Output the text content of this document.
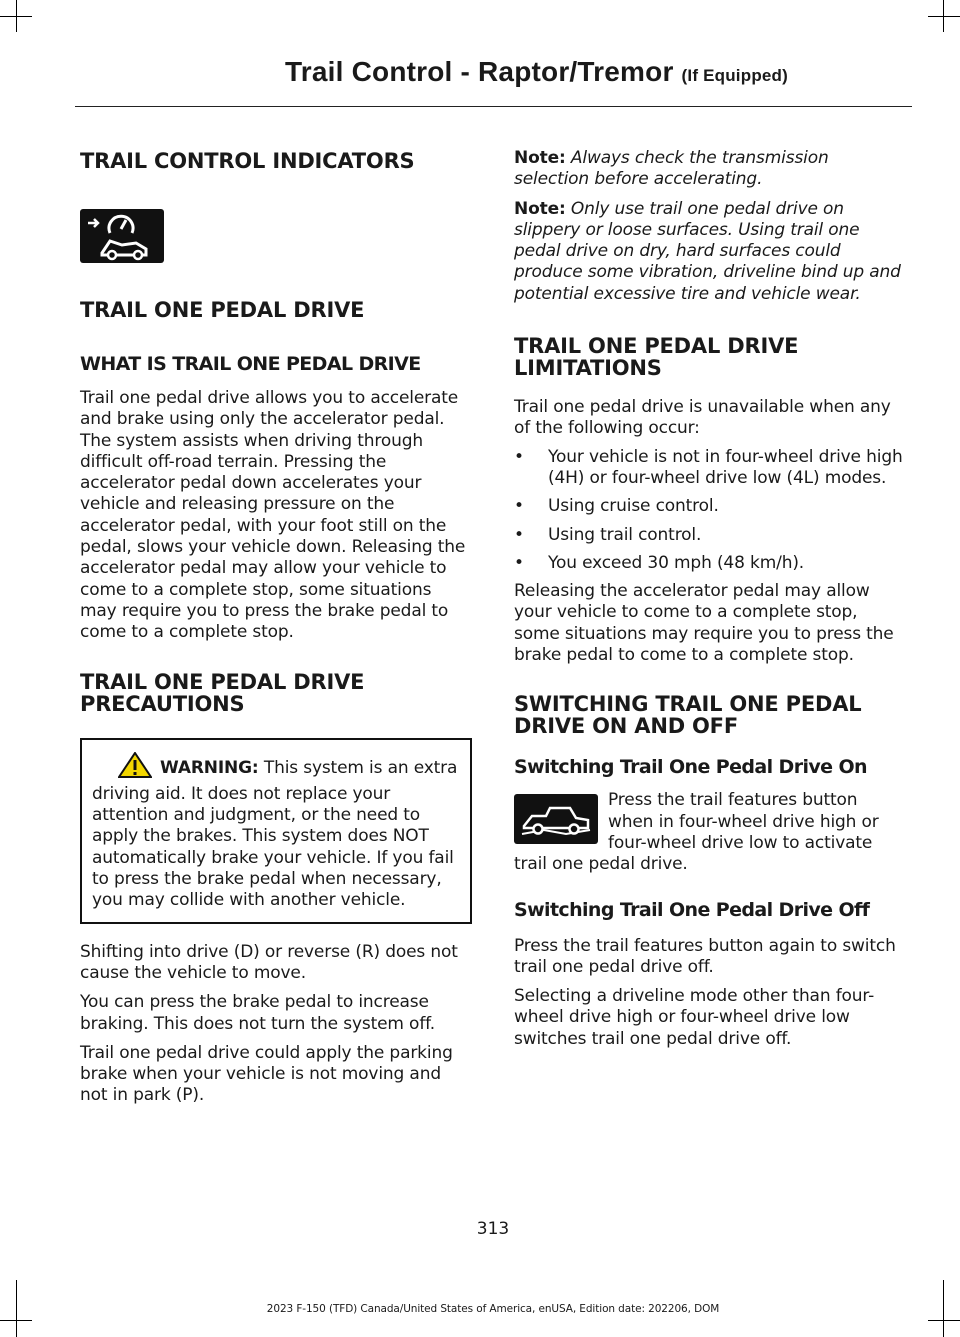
Trail Control - Raptor/Tremor (If Equipped)
TRAIL CONTROL INDICATORS
TRAIL ONE PEDAL DRIVE
WHAT IS TRAIL ONE PEDAL DRIVE

Trail one pedal drive allows you to accelerate and brake using only the accelerator pedal. The system assists when driving through difficult off-road terrain. Pressing the accelerator pedal down accelerates your vehicle and releasing pressure on the accelerator pedal, with your foot still on the pedal, slows your vehicle down. Releasing the accelerator pedal may allow your vehicle to come to a complete stop, some situations may require you to press the brake pedal to come to a complete stop.

TRAIL ONE PEDAL DRIVE PRECAUTIONS

WARNING: This system is an extra driving aid. It does not replace your attention and judgment, or the need to apply the brakes. This system does NOT automatically brake your vehicle. If you fail to press the brake pedal when necessary, you may collide with another vehicle.

Shifting into drive (D) or reverse (R) does not cause the vehicle to move.

You can press the brake pedal to increase braking. This does not turn the system off.

Trail one pedal drive could apply the parking brake when your vehicle is not moving and not in park (P).

Note: Always check the transmission selection before accelerating.

Note: Only use trail one pedal drive on slippery or loose surfaces. Using trail one pedal drive on dry, hard surfaces could produce some vibration, driveline bind up and potential excessive tire and vehicle wear.

TRAIL ONE PEDAL DRIVE LIMITATIONS

Trail one pedal drive is unavailable when any of the following occur:

• Your vehicle is not in four-wheel drive high (4H) or four-wheel drive low (4L) modes.
• Using cruise control.
• Using trail control.
• You exceed 30 mph (48 km/h).

Releasing the accelerator pedal may allow your vehicle to come to a complete stop, some situations may require you to press the brake pedal to come to a complete stop.

SWITCHING TRAIL ONE PEDAL DRIVE ON AND OFF
Switching Trail One Pedal Drive On

Press the trail features button when in four-wheel drive high or four-wheel drive low to activate trail one pedal drive.

Switching Trail One Pedal Drive Off

Press the trail features button again to switch trail one pedal drive off.

Selecting a driveline mode other than four-wheel drive high or four-wheel drive low switches trail one pedal drive off.

313
2023 F-150 (TFD) Canada/United States of America, enUSA, Edition date: 202206, DOM
